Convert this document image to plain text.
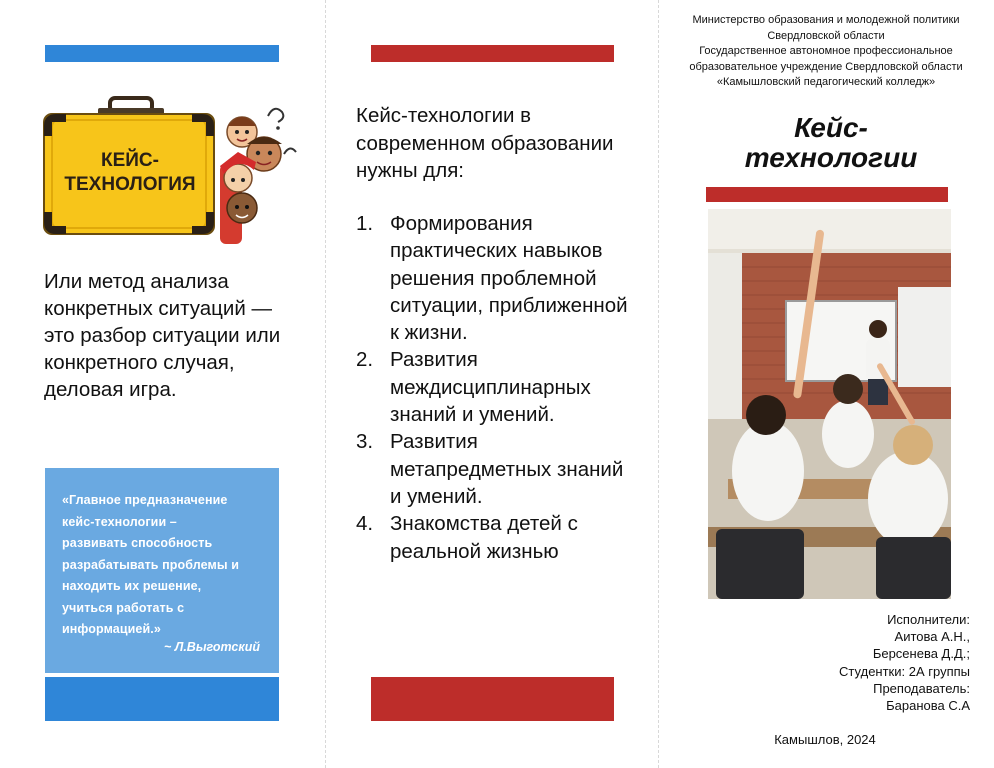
КЕЙС-
ТЕХНОЛОГИЯ
Или метод анализа конкретных ситуаций — это разбор ситуации или конкретного случая, деловая игра.
«Главное предназначение
кейс-технологии –
развивать способность
разрабатывать проблемы и
находить их решение,
учиться работать с
информацией.»
~ Л.Выготский
Кейс-технологии в современном образовании нужны для:
1. Формирования практических навыков решения проблемной ситуации, приближенной к жизни.
2. Развития междисциплинарных знаний и умений.
3. Развития метапредметных знаний и умений.
4. Знакомства детей с реальной жизнью
Министерство образования и молодежной политики
Свердловской области
Государственное автономное профессиональное
образовательное учреждение Свердловской области
«Камышловский педагогический колледж»
Кейс-
технологии
Исполнители:
Аитова А.Н.,
Берсенева Д.Д.;
Студентки: 2А группы
Преподаватель:
Баранова С.А
Камышлов, 2024
